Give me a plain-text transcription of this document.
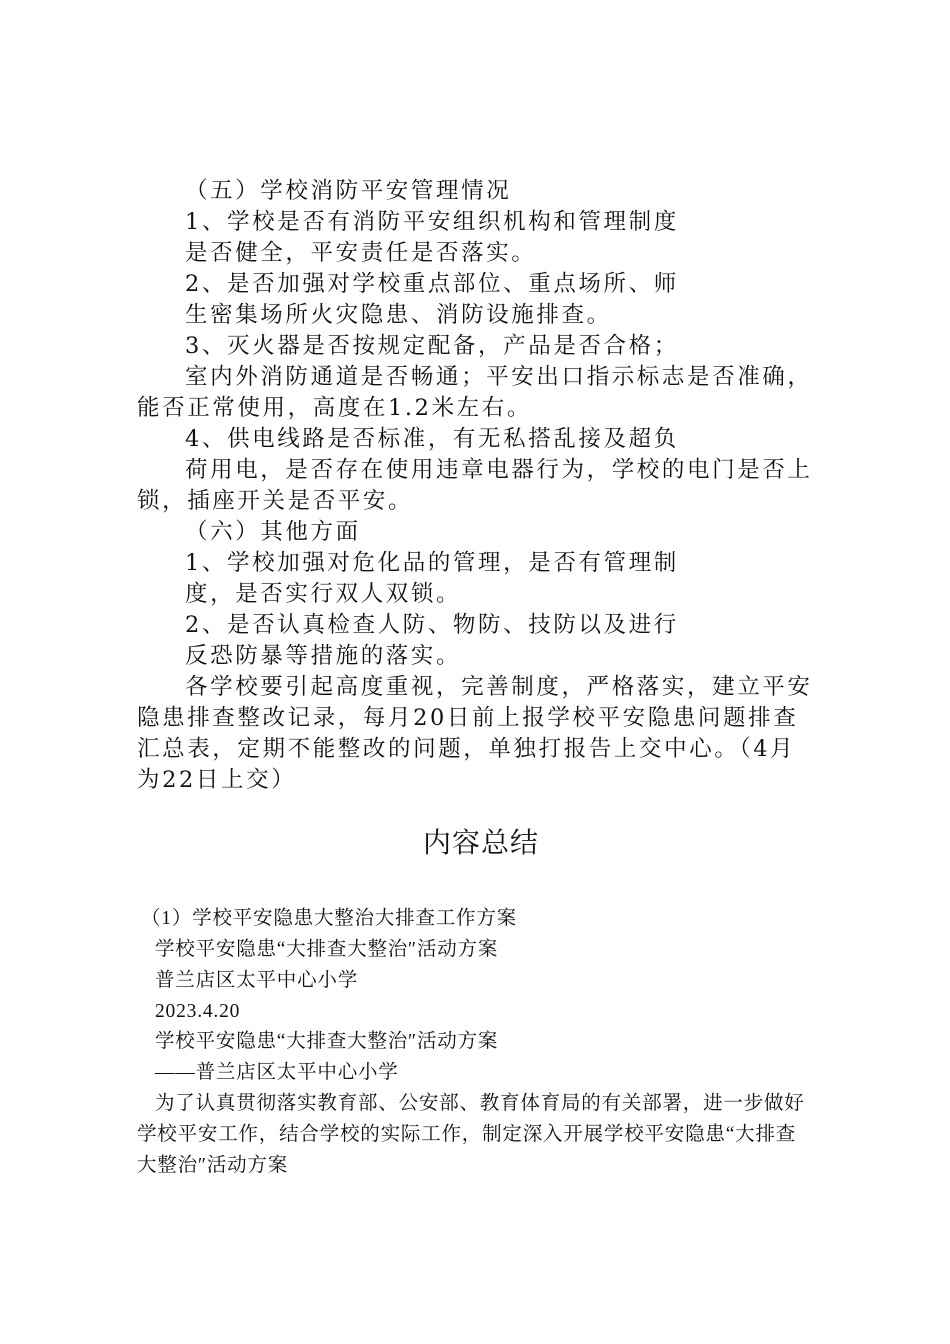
（五）学校消防平安管理情况

1、学校是否有消防平安组织机构和管理制度

是否健全，平安责任是否落实。

2、是否加强对学校重点部位、重点场所、师

生密集场所火灾隐患、消防设施排查。

3、灭火器是否按规定配备，产品是否合格；

室内外消防通道是否畅通；平安出口指示标志是否准确，

能否正常使用，高度在1.2米左右。

4、供电线路是否标准，有无私搭乱接及超负

荷用电，是否存在使用违章电器行为，学校的电门是否上

锁，插座开关是否平安。

（六）其他方面

1、学校加强对危化品的管理，是否有管理制

度，是否实行双人双锁。

2、是否认真检查人防、物防、技防以及进行

反恐防暴等措施的落实。

各学校要引起高度重视，完善制度，严格落实，建立平安

隐患排查整改记录，每月20日前上报学校平安隐患问题排查

汇总表，定期不能整改的问题，单独打报告上交中心。（4月

为22日上交）

内容总结

（1）学校平安隐患大整治大排查工作方案

学校平安隐患“大排查大整治″活动方案

普兰店区太平中心小学

2023.4.20

学校平安隐患“大排查大整治″活动方案

——普兰店区太平中心小学

为了认真贯彻落实教育部、公安部、教育体育局的有关部署，进一步做好

学校平安工作，结合学校的实际工作，制定深入开展学校平安隐患“大排查

大整治″活动方案
